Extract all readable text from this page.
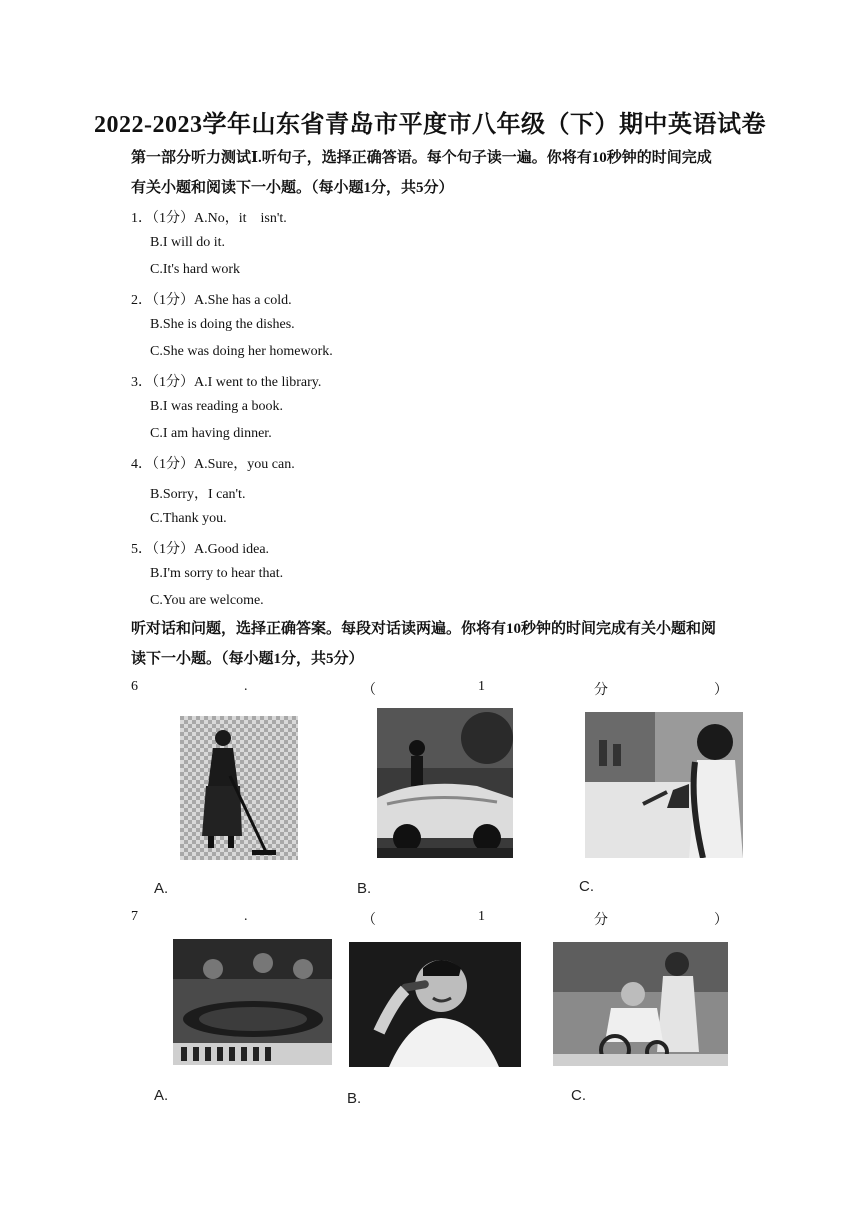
2022-2023学年山东省青岛市平度市八年级（下）期中英语试卷
第一部分听力测试Ⅰ.听句子，选择正确答语。每个句子读一遍。你将有10秒钟的时间完成
有关小题和阅读下一小题。（每小题1分，共5分）
1．（1分）A.No，it　isn't.
B.I will do it.
C.It's hard work
2．（1分）A.She has a cold.
B.She is doing the dishes.
C.She was doing her homework.
3．（1分）A.I went to the library.
B.I was reading a book.
C.I am having dinner.
4．（1分）A.Sure，you can.
B.Sorry，I can't.
C.Thank you.
5．（1分）A.Good idea.
B.I'm sorry to hear that.
C.You are welcome.
听对话和问题，选择正确答案。每段对话读两遍。你将有10秒钟的时间完成有关小题和阅
读下一小题。（每小题1分，共5分）
6	.	（	1	分	）
A.	B.	C.
7	.	（	1	分	）
A.	B.	C.
